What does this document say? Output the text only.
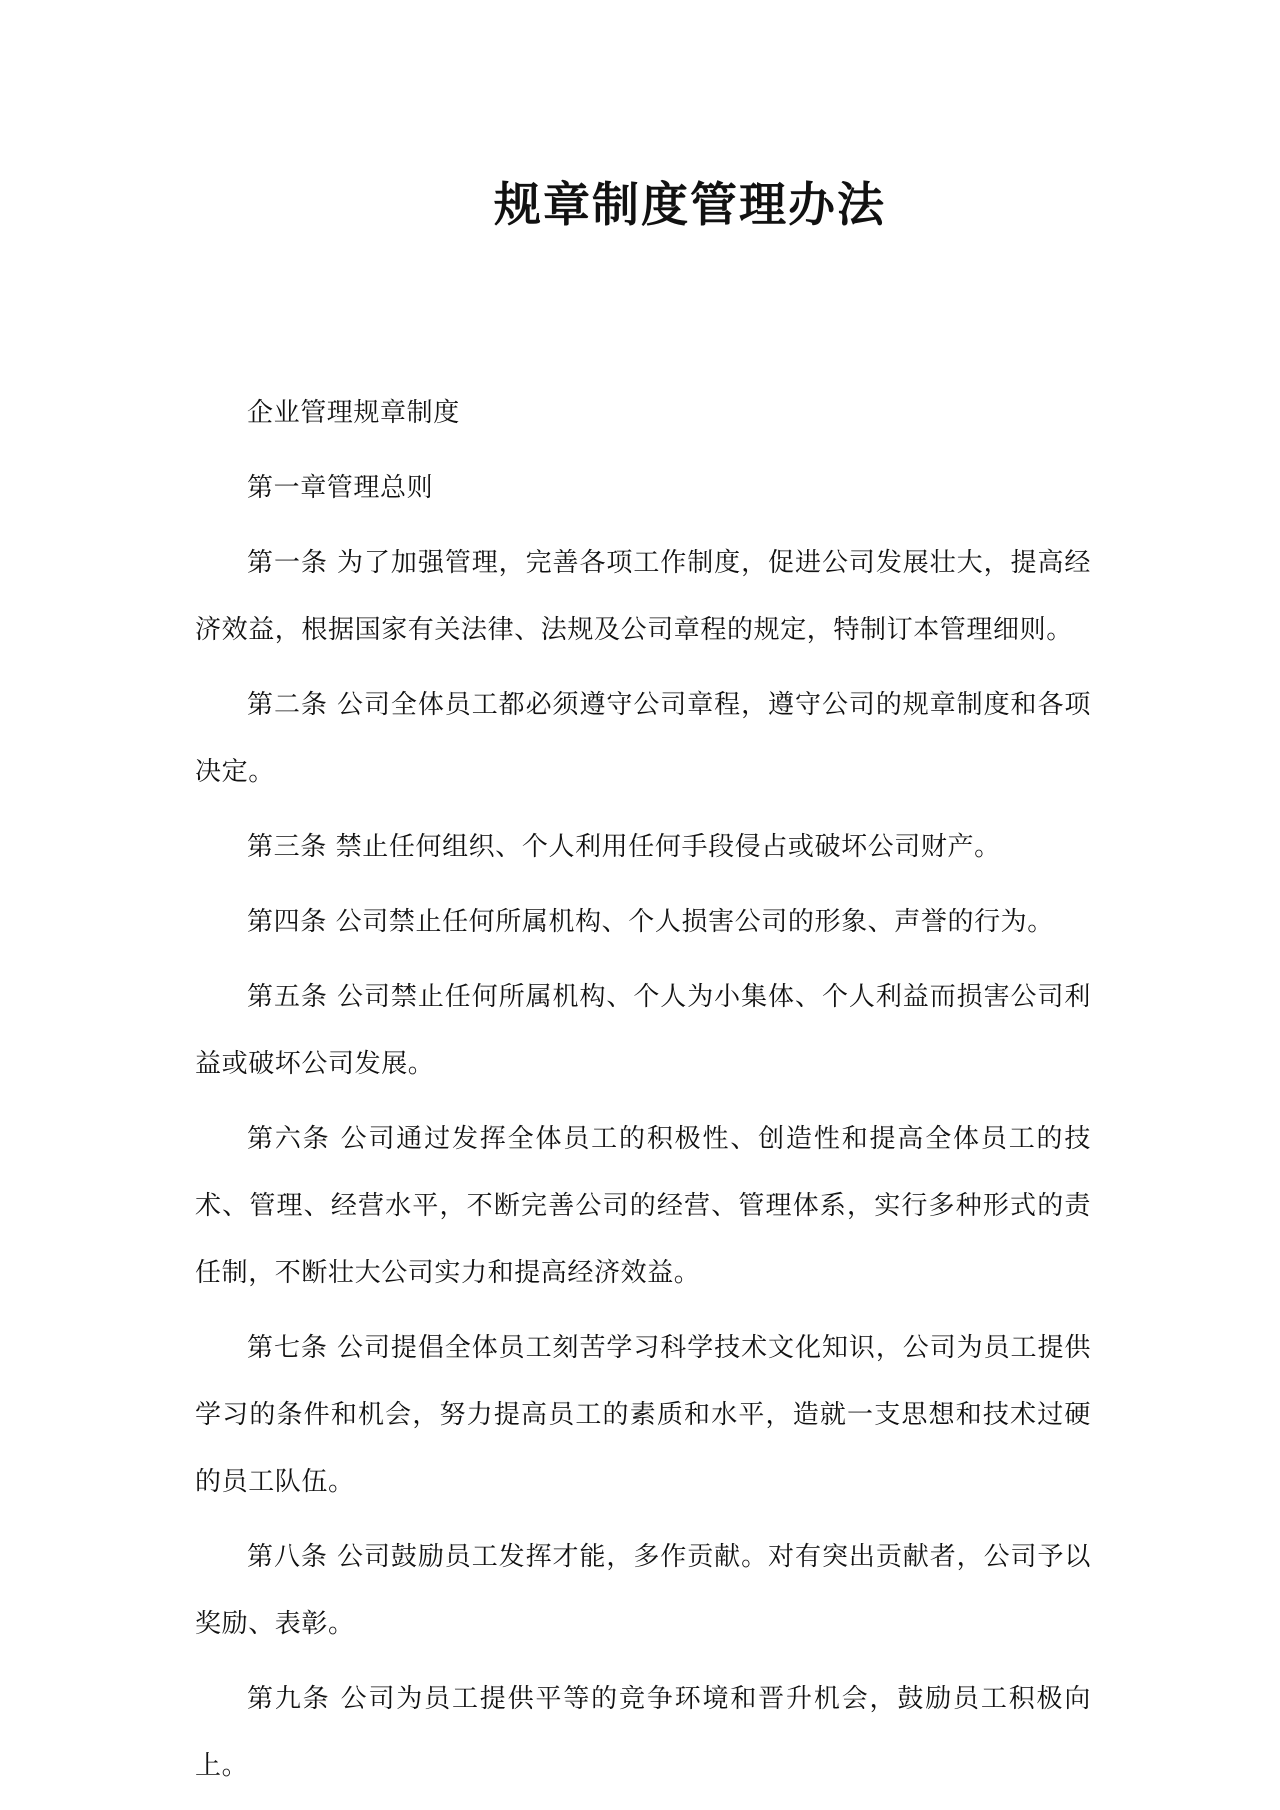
规章制度管理办法

企业管理规章制度

第一章管理总则

第一条 为了加强管理，完善各项工作制度，促进公司发展壮大，提高经济效益，根据国家有关法律、法规及公司章程的规定，特制订本管理细则。

第二条 公司全体员工都必须遵守公司章程，遵守公司的规章制度和各项决定。

第三条 禁止任何组织、个人利用任何手段侵占或破坏公司财产。

第四条 公司禁止任何所属机构、个人损害公司的形象、声誉的行为。

第五条 公司禁止任何所属机构、个人为小集体、个人利益而损害公司利益或破坏公司发展。

第六条 公司通过发挥全体员工的积极性、创造性和提高全体员工的技术、管理、经营水平，不断完善公司的经营、管理体系，实行多种形式的责任制，不断壮大公司实力和提高经济效益。

第七条 公司提倡全体员工刻苦学习科学技术文化知识，公司为员工提供学习的条件和机会，努力提高员工的素质和水平，造就一支思想和技术过硬的员工队伍。

第八条 公司鼓励员工发挥才能，多作贡献。对有突出贡献者，公司予以奖励、表彰。

第九条 公司为员工提供平等的竞争环境和晋升机会，鼓励员工积极向上。
